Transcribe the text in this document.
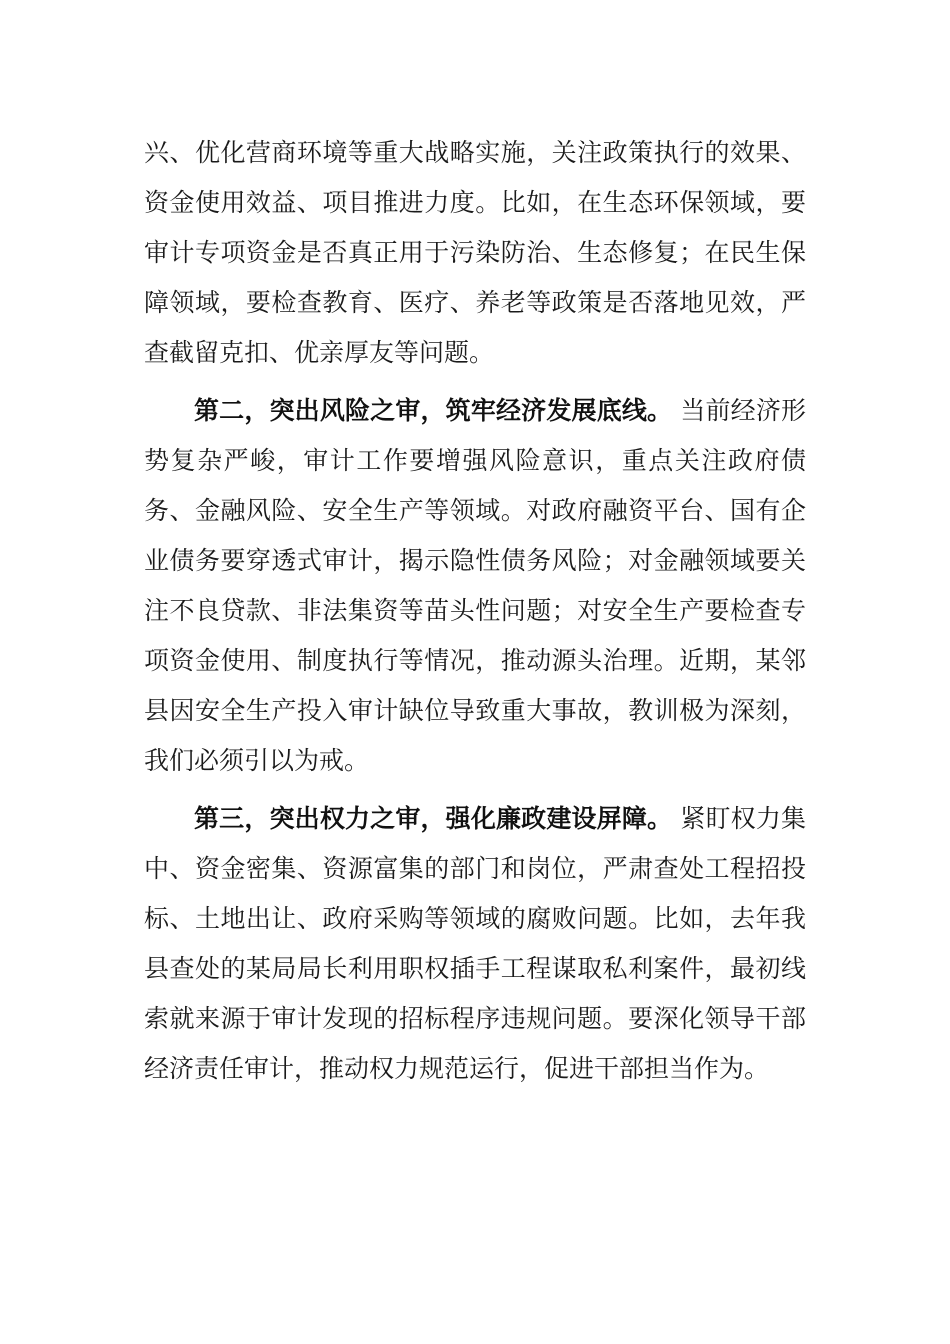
兴、优化营商环境等重大战略实施，关注政策执行的效果、资金使用效益、项目推进力度。比如，在生态环保领域，要审计专项资金是否真正用于污染防治、生态修复；在民生保障领域，要检查教育、医疗、养老等政策是否落地见效，严查截留克扣、优亲厚友等问题。

第二，突出风险之审，筑牢经济发展底线。 当前经济形势复杂严峻，审计工作要增强风险意识，重点关注政府债务、金融风险、安全生产等领域。对政府融资平台、国有企业债务要穿透式审计，揭示隐性债务风险；对金融领域要关注不良贷款、非法集资等苗头性问题；对安全生产要检查专项资金使用、制度执行等情况，推动源头治理。近期，某邻县因安全生产投入审计缺位导致重大事故，教训极为深刻，我们必须引以为戒。

第三，突出权力之审，强化廉政建设屏障。 紧盯权力集中、资金密集、资源富集的部门和岗位，严肃查处工程招投标、土地出让、政府采购等领域的腐败问题。比如，去年我县查处的某局局长利用职权插手工程谋取私利案件，最初线索就来源于审计发现的招标程序违规问题。要深化领导干部经济责任审计，推动权力规范运行，促进干部担当作为。
